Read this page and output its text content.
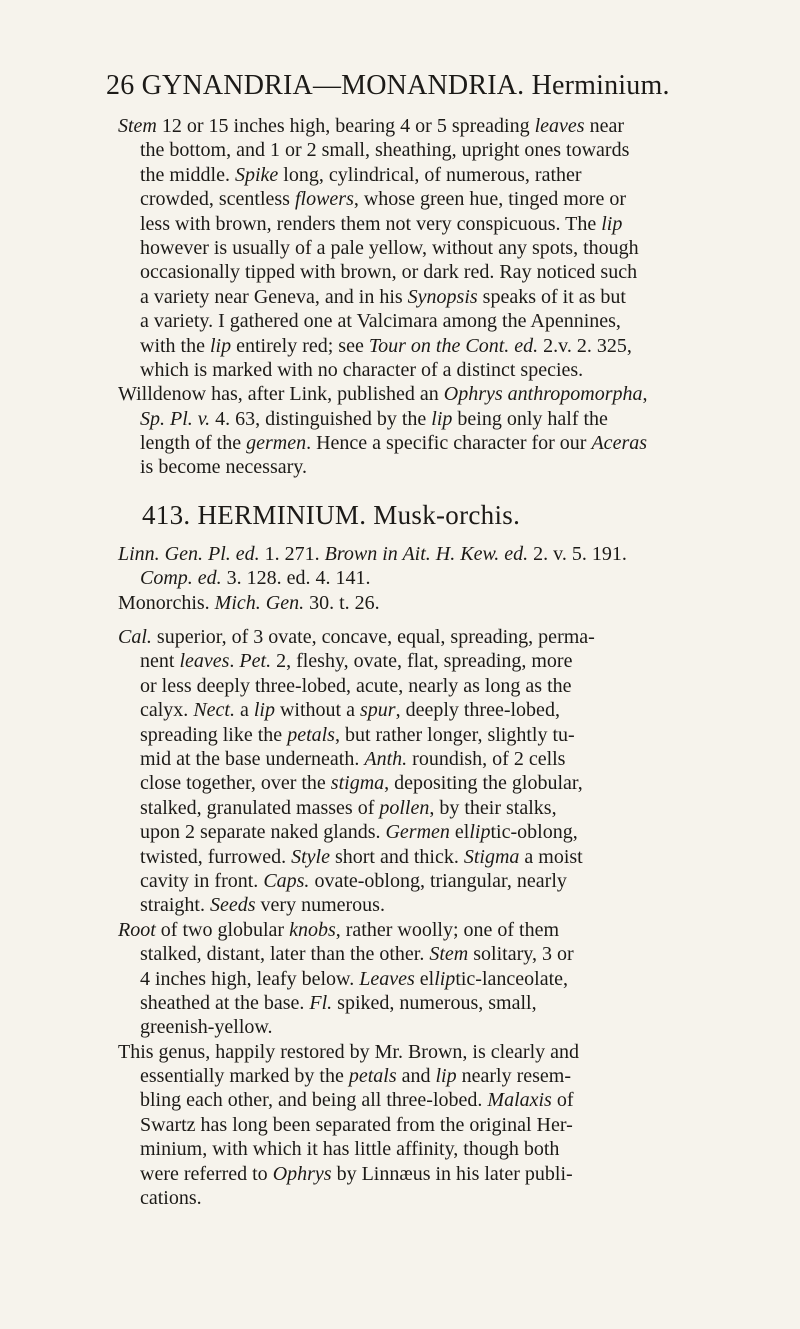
26 GYNANDRIA—MONANDRIA. Herminium.
Stem 12 or 15 inches high, bearing 4 or 5 spreading leaves near
the bottom, and 1 or 2 small, sheathing, upright ones towards
the middle. Spike long, cylindrical, of numerous, rather
crowded, scentless flowers, whose green hue, tinged more or
less with brown, renders them not very conspicuous. The lip
however is usually of a pale yellow, without any spots, though
occasionally tipped with brown, or dark red. Ray noticed such
a variety near Geneva, and in his Synopsis speaks of it as but
a variety. I gathered one at Valcimara among the Apennines,
with the lip entirely red; see Tour on the Cont. ed. 2.v. 2. 325,
which is marked with no character of a distinct species.
Willdenow has, after Link, published an Ophrys anthropomorpha,
Sp. Pl. v. 4. 63, distinguished by the lip being only half the
length of the germen. Hence a specific character for our Aceras
is become necessary.
413. HERMINIUM. Musk-orchis.
Linn. Gen. Pl. ed. 1. 271. Brown in Ait. H. Kew. ed. 2. v. 5. 191.
Comp. ed. 3. 128. ed. 4. 141.
Monorchis. Mich. Gen. 30. t. 26.
Cal. superior, of 3 ovate, concave, equal, spreading, perma-
nent leaves. Pet. 2, fleshy, ovate, flat, spreading, more
or less deeply three-lobed, acute, nearly as long as the
calyx. Nect. a lip without a spur, deeply three-lobed,
spreading like the petals, but rather longer, slightly tu-
mid at the base underneath. Anth. roundish, of 2 cells
close together, over the stigma, depositing the globular,
stalked, granulated masses of pollen, by their stalks,
upon 2 separate naked glands. Germen elliptic-oblong,
twisted, furrowed. Style short and thick. Stigma a moist
cavity in front. Caps. ovate-oblong, triangular, nearly
straight. Seeds very numerous.
Root of two globular knobs, rather woolly; one of them
stalked, distant, later than the other. Stem solitary, 3 or
4 inches high, leafy below. Leaves elliptic-lanceolate,
sheathed at the base. Fl. spiked, numerous, small,
greenish-yellow.
This genus, happily restored by Mr. Brown, is clearly and
essentially marked by the petals and lip nearly resem-
bling each other, and being all three-lobed. Malaxis of
Swartz has long been separated from the original Her-
minium, with which it has little affinity, though both
were referred to Ophrys by Linnæus in his later publi-
cations.
